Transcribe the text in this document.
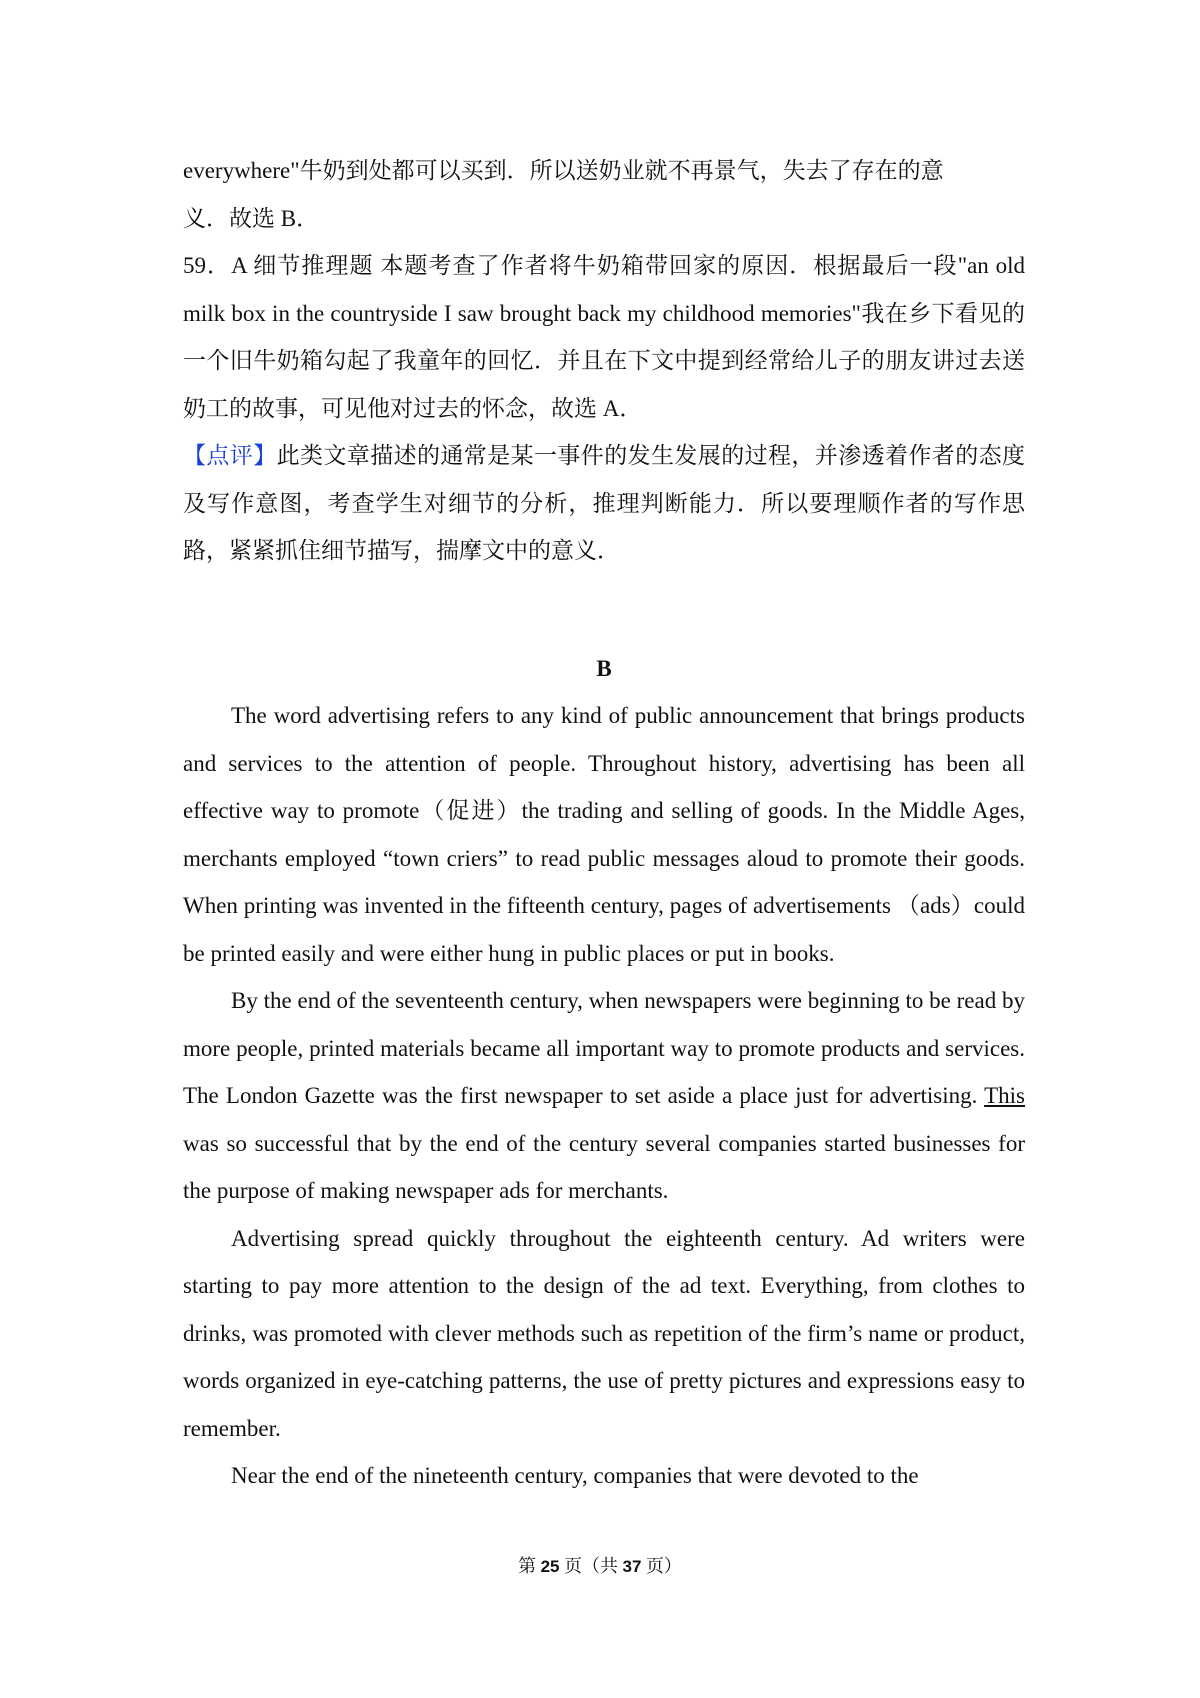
everywhere"牛奶到处都可以买到．所以送奶业就不再景气，失去了存在的意
义．故选 B．

59．A 细节推理题 本题考查了作者将牛奶箱带回家的原因．根据最后一段"an old milk box in the countryside I saw brought back my childhood memories"我在乡下看见的一个旧牛奶箱勾起了我童年的回忆．并且在下文中提到经常给儿子的朋友讲过去送奶工的故事，可见他对过去的怀念，故选 A．

【点评】此类文章描述的通常是某一事件的发生发展的过程，并渗透着作者的态度及写作意图，考查学生对细节的分析，推理判断能力．所以要理顺作者的写作思路，紧紧抓住细节描写，揣摩文中的意义．

B

The word advertising refers to any kind of public announcement that brings products and services to the attention of people. Throughout history, advertising has been all effective way to promote（促进）the trading and selling of goods. In the Middle Ages, merchants employed “town criers” to read public messages aloud to promote their goods. When printing was invented in the fifteenth century, pages of advertisements （ads）could be printed easily and were either hung in public places or put in books.

By the end of the seventeenth century, when newspapers were beginning to be read by more people, printed materials became all important way to promote products and services. The London Gazette was the first newspaper to set aside a place just for advertising. This was so successful that by the end of the century several companies started businesses for the purpose of making newspaper ads for merchants.

Advertising spread quickly throughout the eighteenth century. Ad writers were starting to pay more attention to the design of the ad text. Everything, from clothes to drinks, was promoted with clever methods such as repetition of the firm’s name or product, words organized in eye-catching patterns, the use of pretty pictures and expressions easy to remember.

Near the end of the nineteenth century, companies that were devoted to the

第 25 页（共 37 页）
